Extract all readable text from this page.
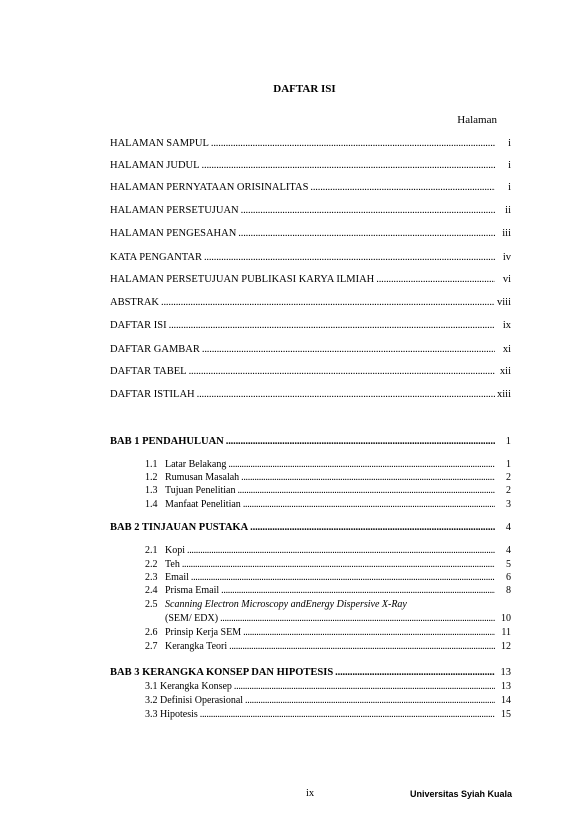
DAFTAR ISI
Halaman
HALAMAN SAMPUL . . .	i
HALAMAN JUDUL . . .	i
HALAMAN PERNYATAAN ORISINALITAS . . .	i
HALAMAN PERSETUJUAN . . .	ii
HALAMAN PENGESAHAN . . .	iii
KATA PENGANTAR . . .	iv
HALAMAN PERSETUJUAN PUBLIKASI KARYA ILMIAH . . .	vi
ABSTRAK . . .	viii
DAFTAR ISI . . .	ix
DAFTAR GAMBAR . . .	xi
DAFTAR TABEL . . .	xii
DAFTAR ISTILAH . . .	xiii
BAB 1 PENDAHULUAN . . .	1
1.1 Latar Belakang . . .	1
1.2 Rumusan Masalah . . .	2
1.3 Tujuan Penelitian . . .	2
1.4 Manfaat Penelitian . . .	3
BAB 2 TINJAUAN PUSTAKA . . .	4
2.1 Kopi . . .	4
2.2 Teh . . .	5
2.3 Email . . .	6
2.4 Prisma Email . . .	8
2.5 Scanning Electron Microscopy andEnergy Dispersive X-Ray
(SEM/ EDX) . . .	10
2.6 Prinsip Kerja SEM . . .	11
2.7 Kerangka Teori . . .	12
BAB 3 KERANGKA KONSEP DAN HIPOTESIS . . .	13
3.1 Kerangka Konsep . . .	13
3.2 Definisi Operasional . . .	14
3.3 Hipotesis . . .	15
ix	Universitas Syiah Kuala
